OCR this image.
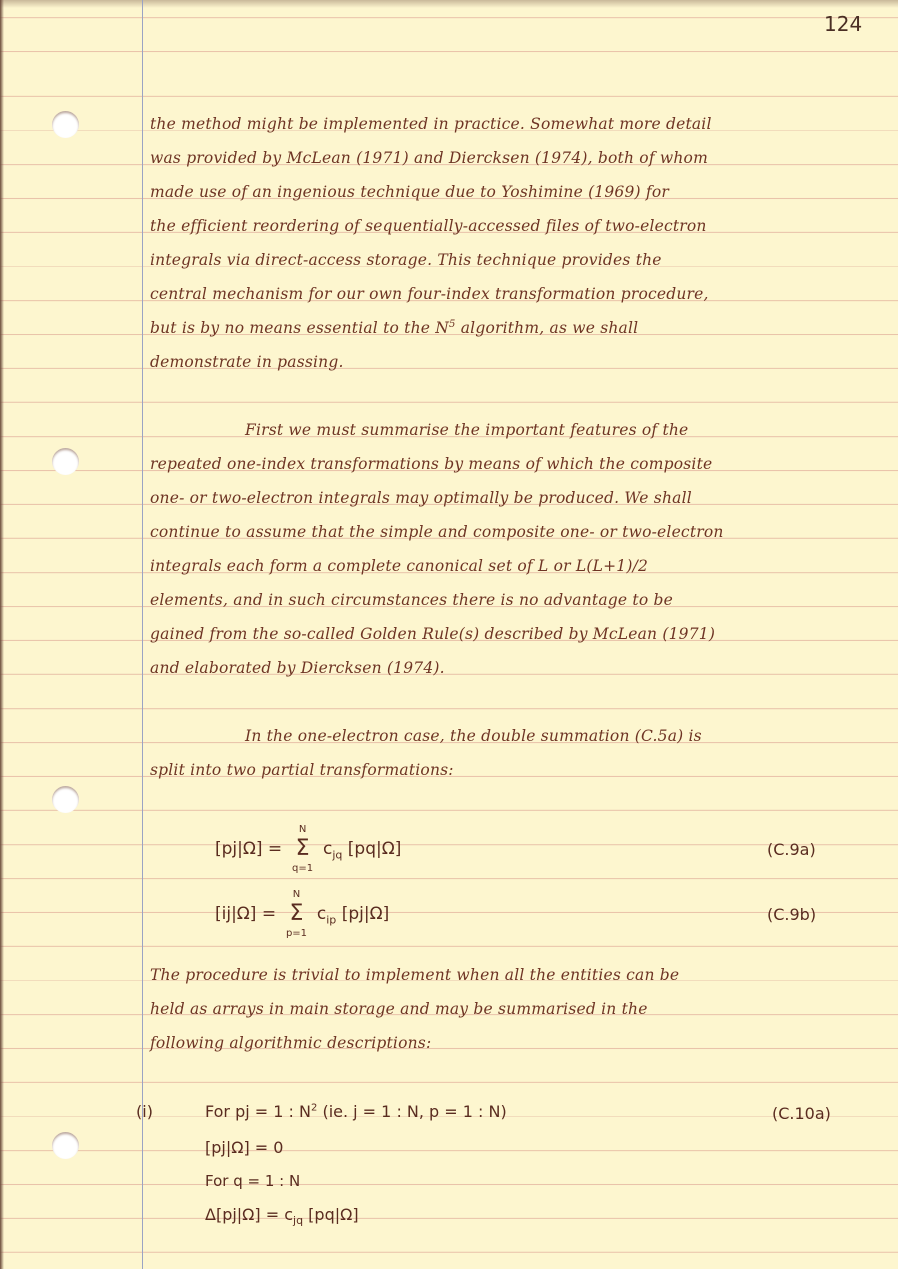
124
the method might be implemented in practice. Somewhat more detail
was provided by McLean (1971) and Diercksen (1974), both of whom
made use of an ingenious technique due to Yoshimine (1969) for
the efficient reordering of sequentially-accessed files of two-electron
integrals via direct-access storage. This technique provides the
central mechanism for our own four-index transformation procedure,
but is by no means essential to the $N^5$ algorithm, as we shall
demonstrate in passing.
First we must summarise the important features of the
repeated one-index transformations by means of which the composite
one- or two-electron integrals may optimally be produced. We shall
continue to assume that the simple and composite one- or two-electron
integrals each form a complete canonical set of L or L(L+1)/2
elements, and in such circumstances there is no advantage to be
gained from the so-called Golden Rule(s) described by McLean (1971)
and elaborated by Diercksen (1974).
In the one-electron case, the double summation (C.5a) is
split into two partial transformations:
[pj|Ω] =
N
Σ
q=1
$c_{jq}$ [pq|Ω]	(C.9a)
[ij|Ω] =
N
Σ
p=1
$c_{ip}$ [pj|Ω]	(C.9b)
The procedure is trivial to implement when all the entities can be
held as arrays in main storage and may be summarised in the
following algorithmic descriptions:
(i)	For pj = 1 : $N^2$ (ie. j = 1 : N, p = 1 : N)	(C.10a)
[pj|Ω] = 0
For q = 1 : N
$\Delta[pj|\Omega] = c_{jq}$ [pq|Ω]
